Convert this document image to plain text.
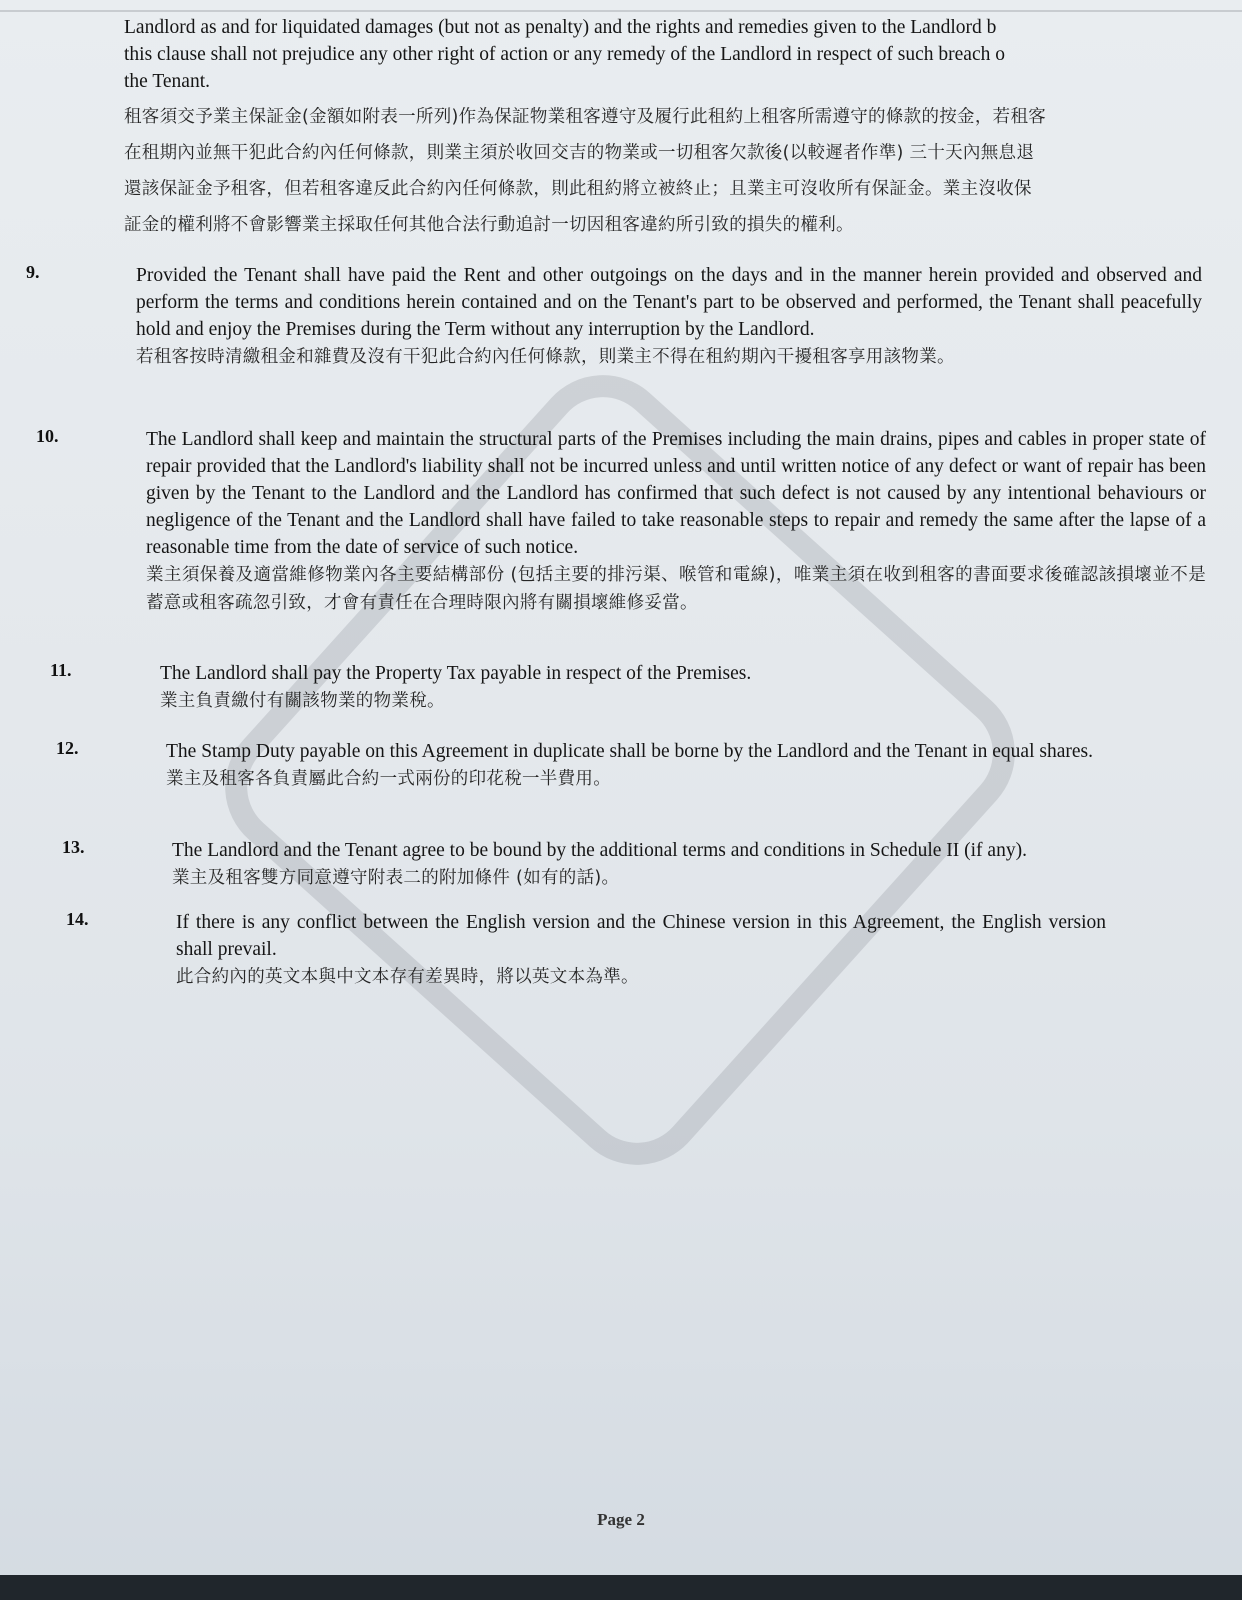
Landlord as and for liquidated damages (but not as penalty) and the rights and remedies given to the Landlord b
this clause shall not prejudice any other right of action or any remedy of the Landlord in respect of such breach o
the Tenant.
租客須交予業主保証金(金額如附表一所列)作為保証物業租客遵守及履行此租約上租客所需遵守的條款的按金，若租客
在租期內並無干犯此合約內任何條款，則業主須於收回交吉的物業或一切租客欠款後(以較遲者作準) 三十天內無息退
還該保証金予租客，但若租客違反此合約內任何條款，則此租約將立被終止；且業主可沒收所有保証金。業主沒收保
証金的權利將不會影響業主採取任何其他合法行動追討一切因租客違約所引致的損失的權利。
9.	Provided the Tenant shall have paid the Rent and other outgoings on the days and in the manner herein provided and observed and perform the terms and conditions herein contained and on the Tenant's part to be observed and performed, the Tenant shall peacefully hold and enjoy the Premises during the Term without any interruption by the Landlord.
若租客按時清繳租金和雜費及沒有干犯此合約內任何條款，則業主不得在租約期內干擾租客享用該物業。
10.	The Landlord shall keep and maintain the structural parts of the Premises including the main drains, pipes and cables in proper state of repair provided that the Landlord's liability shall not be incurred unless and until written notice of any defect or want of repair has been given by the Tenant to the Landlord and the Landlord has confirmed that such defect is not caused by any intentional behaviours or negligence of the Tenant and the Landlord shall have failed to take reasonable steps to repair and remedy the same after the lapse of a reasonable time from the date of service of such notice.
業主須保養及適當維修物業內各主要結構部份 (包括主要的排污渠、喉管和電線)，唯業主須在收到租客的書面要求後確認該損壞並不是蓄意或租客疏忽引致，才會有責任在合理時限內將有關損壞維修妥當。
11.	The Landlord shall pay the Property Tax payable in respect of the Premises.
業主負責繳付有關該物業的物業稅。
12.	The Stamp Duty payable on this Agreement in duplicate shall be borne by the Landlord and the Tenant in equal shares.
業主及租客各負責屬此合約一式兩份的印花稅一半費用。
13.	The Landlord and the Tenant agree to be bound by the additional terms and conditions in Schedule II (if any).
業主及租客雙方同意遵守附表二的附加條件 (如有的話)。
14.	If there is any conflict between the English version and the Chinese version in this Agreement, the English version shall prevail.
此合約內的英文本與中文本存有差異時，將以英文本為準。
Page 2
